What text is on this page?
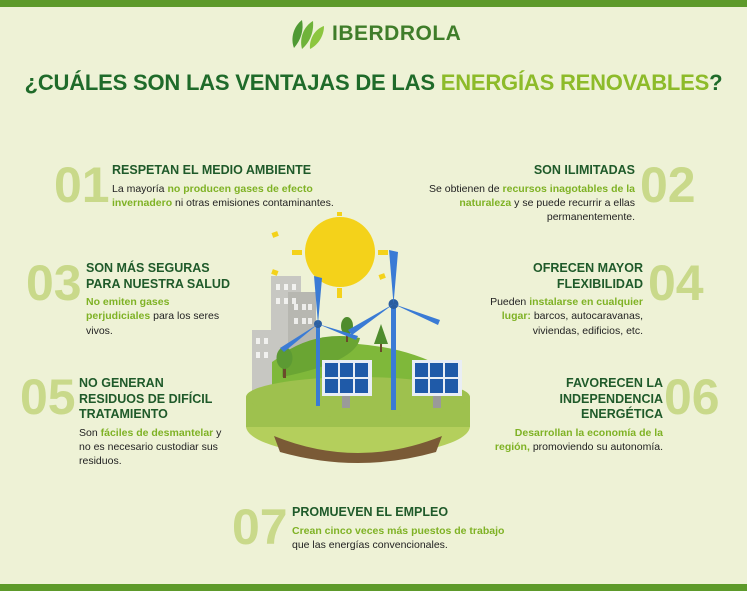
IBERDROLA
¿CUÁLES SON LAS VENTAJAS DE LAS ENERGÍAS RENOVABLES?
01 RESPETAN EL MEDIO AMBIENTE
La mayoría no producen gases de efecto invernadero ni otras emisiones contaminantes.	02
SON ILIMITADAS
Se obtienen de recursos inagotables de la naturaleza y se puede recurrir a ellas permanentemente.
03 SON MÁS SEGURAS PARA NUESTRA SALUD
No emiten gases perjudiciales para los seres vivos.
04
OFRECEN MAYOR FLEXIBILIDAD
Pueden instalarse en cualquier lugar: barcos, autocaravanas, viviendas, edificios, etc.
05 NO GENERAN RESIDUOS DE DIFÍCIL TRATAMIENTO
Son fáciles de desmantelar y no es necesario custodiar sus residuos.
06
FAVORECEN LA INDEPENDENCIA ENERGÉTICA
Desarrollan la economía de la región, promoviendo su autonomía.
07 PROMUEVEN EL EMPLEO
Crean cinco veces más puestos de trabajo que las energías convencionales.
